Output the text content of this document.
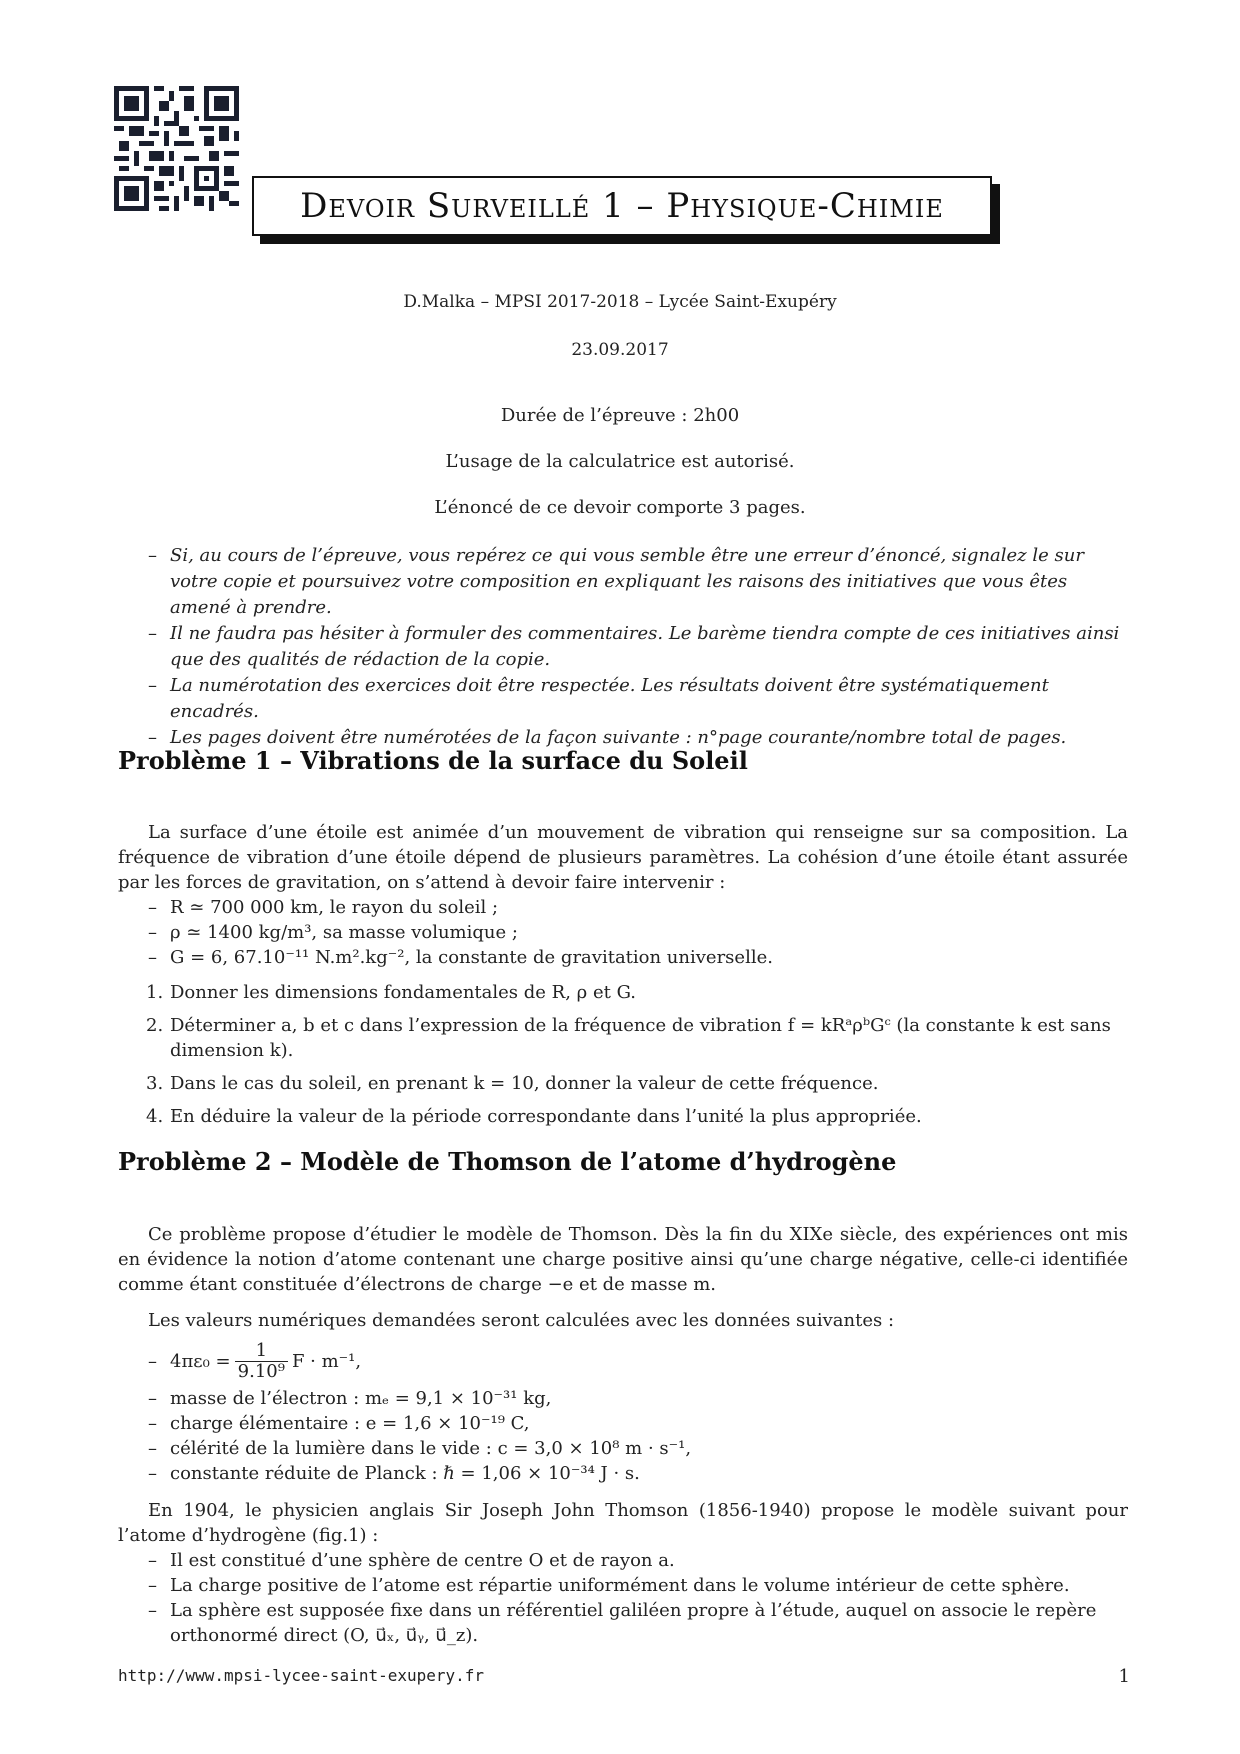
Devoir Surveillé 1 – Physique-Chimie
D.Malka – MPSI 2017-2018 – Lycée Saint-Exupéry
23.09.2017
Durée de l’épreuve : 2h00
L’usage de la calculatrice est autorisé.
L’énoncé de ce devoir comporte 3 pages.
– Si, au cours de l’épreuve, vous repérez ce qui vous semble être une erreur d’énoncé, signalez le sur votre copie et poursuivez votre composition en expliquant les raisons des initiatives que vous êtes amené à prendre.
– Il ne faudra pas hésiter à formuler des commentaires. Le barème tiendra compte de ces initiatives ainsi que des qualités de rédaction de la copie.
– La numérotation des exercices doit être respectée. Les résultats doivent être systématiquement encadrés.
– Les pages doivent être numérotées de la façon suivante : n°page courante/nombre total de pages.
Problème 1 – Vibrations de la surface du Soleil
La surface d’une étoile est animée d’un mouvement de vibration qui renseigne sur sa composition. La fréquence de vibration d’une étoile dépend de plusieurs paramètres. La cohésion d’une étoile étant assurée par les forces de gravitation, on s’attend à devoir faire intervenir :
– R ≃ 700 000 km, le rayon du soleil ;
– ρ ≃ 1400 kg/m³, sa masse volumique ;
– G = 6, 67.10⁻¹¹ N.m².kg⁻², la constante de gravitation universelle.
1. Donner les dimensions fondamentales de R, ρ et G.
2. Déterminer a, b et c dans l’expression de la fréquence de vibration f = kRᵃρᵇGᶜ (la constante k est sans dimension k).
3. Dans le cas du soleil, en prenant k = 10, donner la valeur de cette fréquence.
4. En déduire la valeur de la période correspondante dans l’unité la plus appropriée.
Problème 2 – Modèle de Thomson de l’atome d’hydrogène
Ce problème propose d’étudier le modèle de Thomson. Dès la fin du XIXe siècle, des expériences ont mis en évidence la notion d’atome contenant une charge positive ainsi qu’une charge négative, celle-ci identifiée comme étant constituée d’électrons de charge −e et de masse m.
Les valeurs numériques demandées seront calculées avec les données suivantes :
– $4\pi\varepsilon_0 = \frac{1}{\text{9.10⁹}}$ F · m⁻¹,
– masse de l’électron : mₑ = 9,1 × 10⁻³¹ kg,
– charge élémentaire : e = 1,6 × 10⁻¹⁹ C,
– célérité de la lumière dans le vide : c = 3,0 × 10⁸ m · s⁻¹,
– constante réduite de Planck : ℏ = 1,06 × 10⁻³⁴ J · s.
En 1904, le physicien anglais Sir Joseph John Thomson (1856-1940) propose le modèle suivant pour l’atome d’hydrogène (fig.1) :
– Il est constitué d’une sphère de centre O et de rayon a.
– La charge positive de l’atome est répartie uniformément dans le volume intérieur de cette sphère.
– La sphère est supposée fixe dans un référentiel galiléen propre à l’étude, auquel on associe le repère orthonormé direct (O, u⃗ₓ, u⃗ᵧ, u⃗_z).
http://www.mpsi-lycee-saint-exupery.fr	1
